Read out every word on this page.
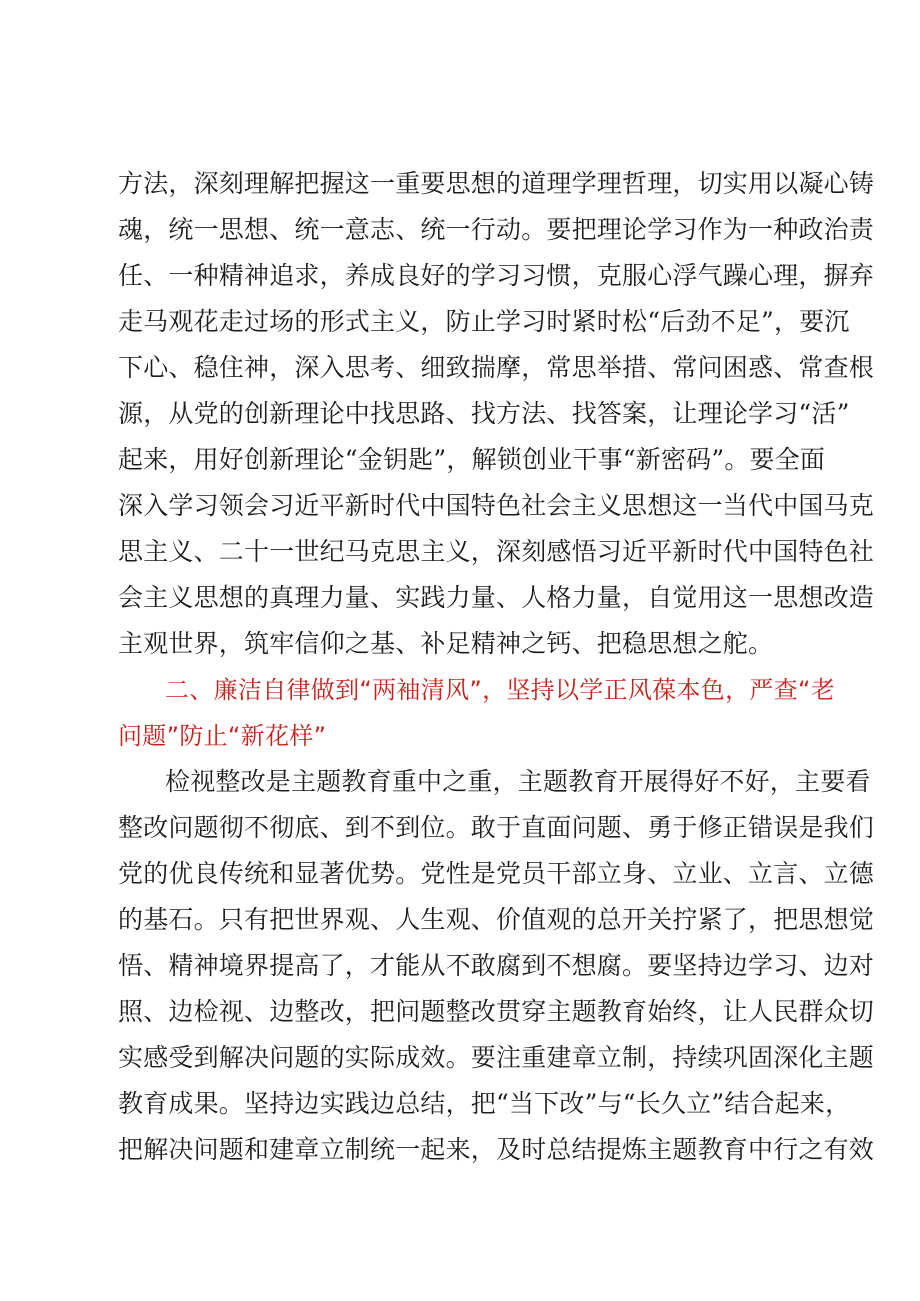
方法，深刻理解把握这一重要思想的道理学理哲理，切实用以凝心铸
魂，统一思想、统一意志、统一行动。要把理论学习作为一种政治责
任、一种精神追求，养成良好的学习习惯，克服心浮气躁心理，摒弃
走马观花走过场的形式主义，防止学习时紧时松“后劲不足”，要沉
下心、稳住神，深入思考、细致揣摩，常思举措、常问困惑、常查根
源，从党的创新理论中找思路、找方法、找答案，让理论学习“活”
起来，用好创新理论“金钥匙”，解锁创业干事“新密码”。要全面
深入学习领会习近平新时代中国特色社会主义思想这一当代中国马克
思主义、二十一世纪马克思主义，深刻感悟习近平新时代中国特色社
会主义思想的真理力量、实践力量、人格力量，自觉用这一思想改造
主观世界，筑牢信仰之基、补足精神之钙、把稳思想之舵。
二、廉洁自律做到“两袖清风”，坚持以学正风葆本色，严查“老
问题”防止“新花样”
检视整改是主题教育重中之重，主题教育开展得好不好，主要看
整改问题彻不彻底、到不到位。敢于直面问题、勇于修正错误是我们
党的优良传统和显著优势。党性是党员干部立身、立业、立言、立德
的基石。只有把世界观、人生观、价值观的总开关拧紧了，把思想觉
悟、精神境界提高了，才能从不敢腐到不想腐。要坚持边学习、边对
照、边检视、边整改，把问题整改贯穿主题教育始终，让人民群众切
实感受到解决问题的实际成效。要注重建章立制，持续巩固深化主题
教育成果。坚持边实践边总结，把“当下改”与“长久立”结合起来，
把解决问题和建章立制统一起来，及时总结提炼主题教育中行之有效
